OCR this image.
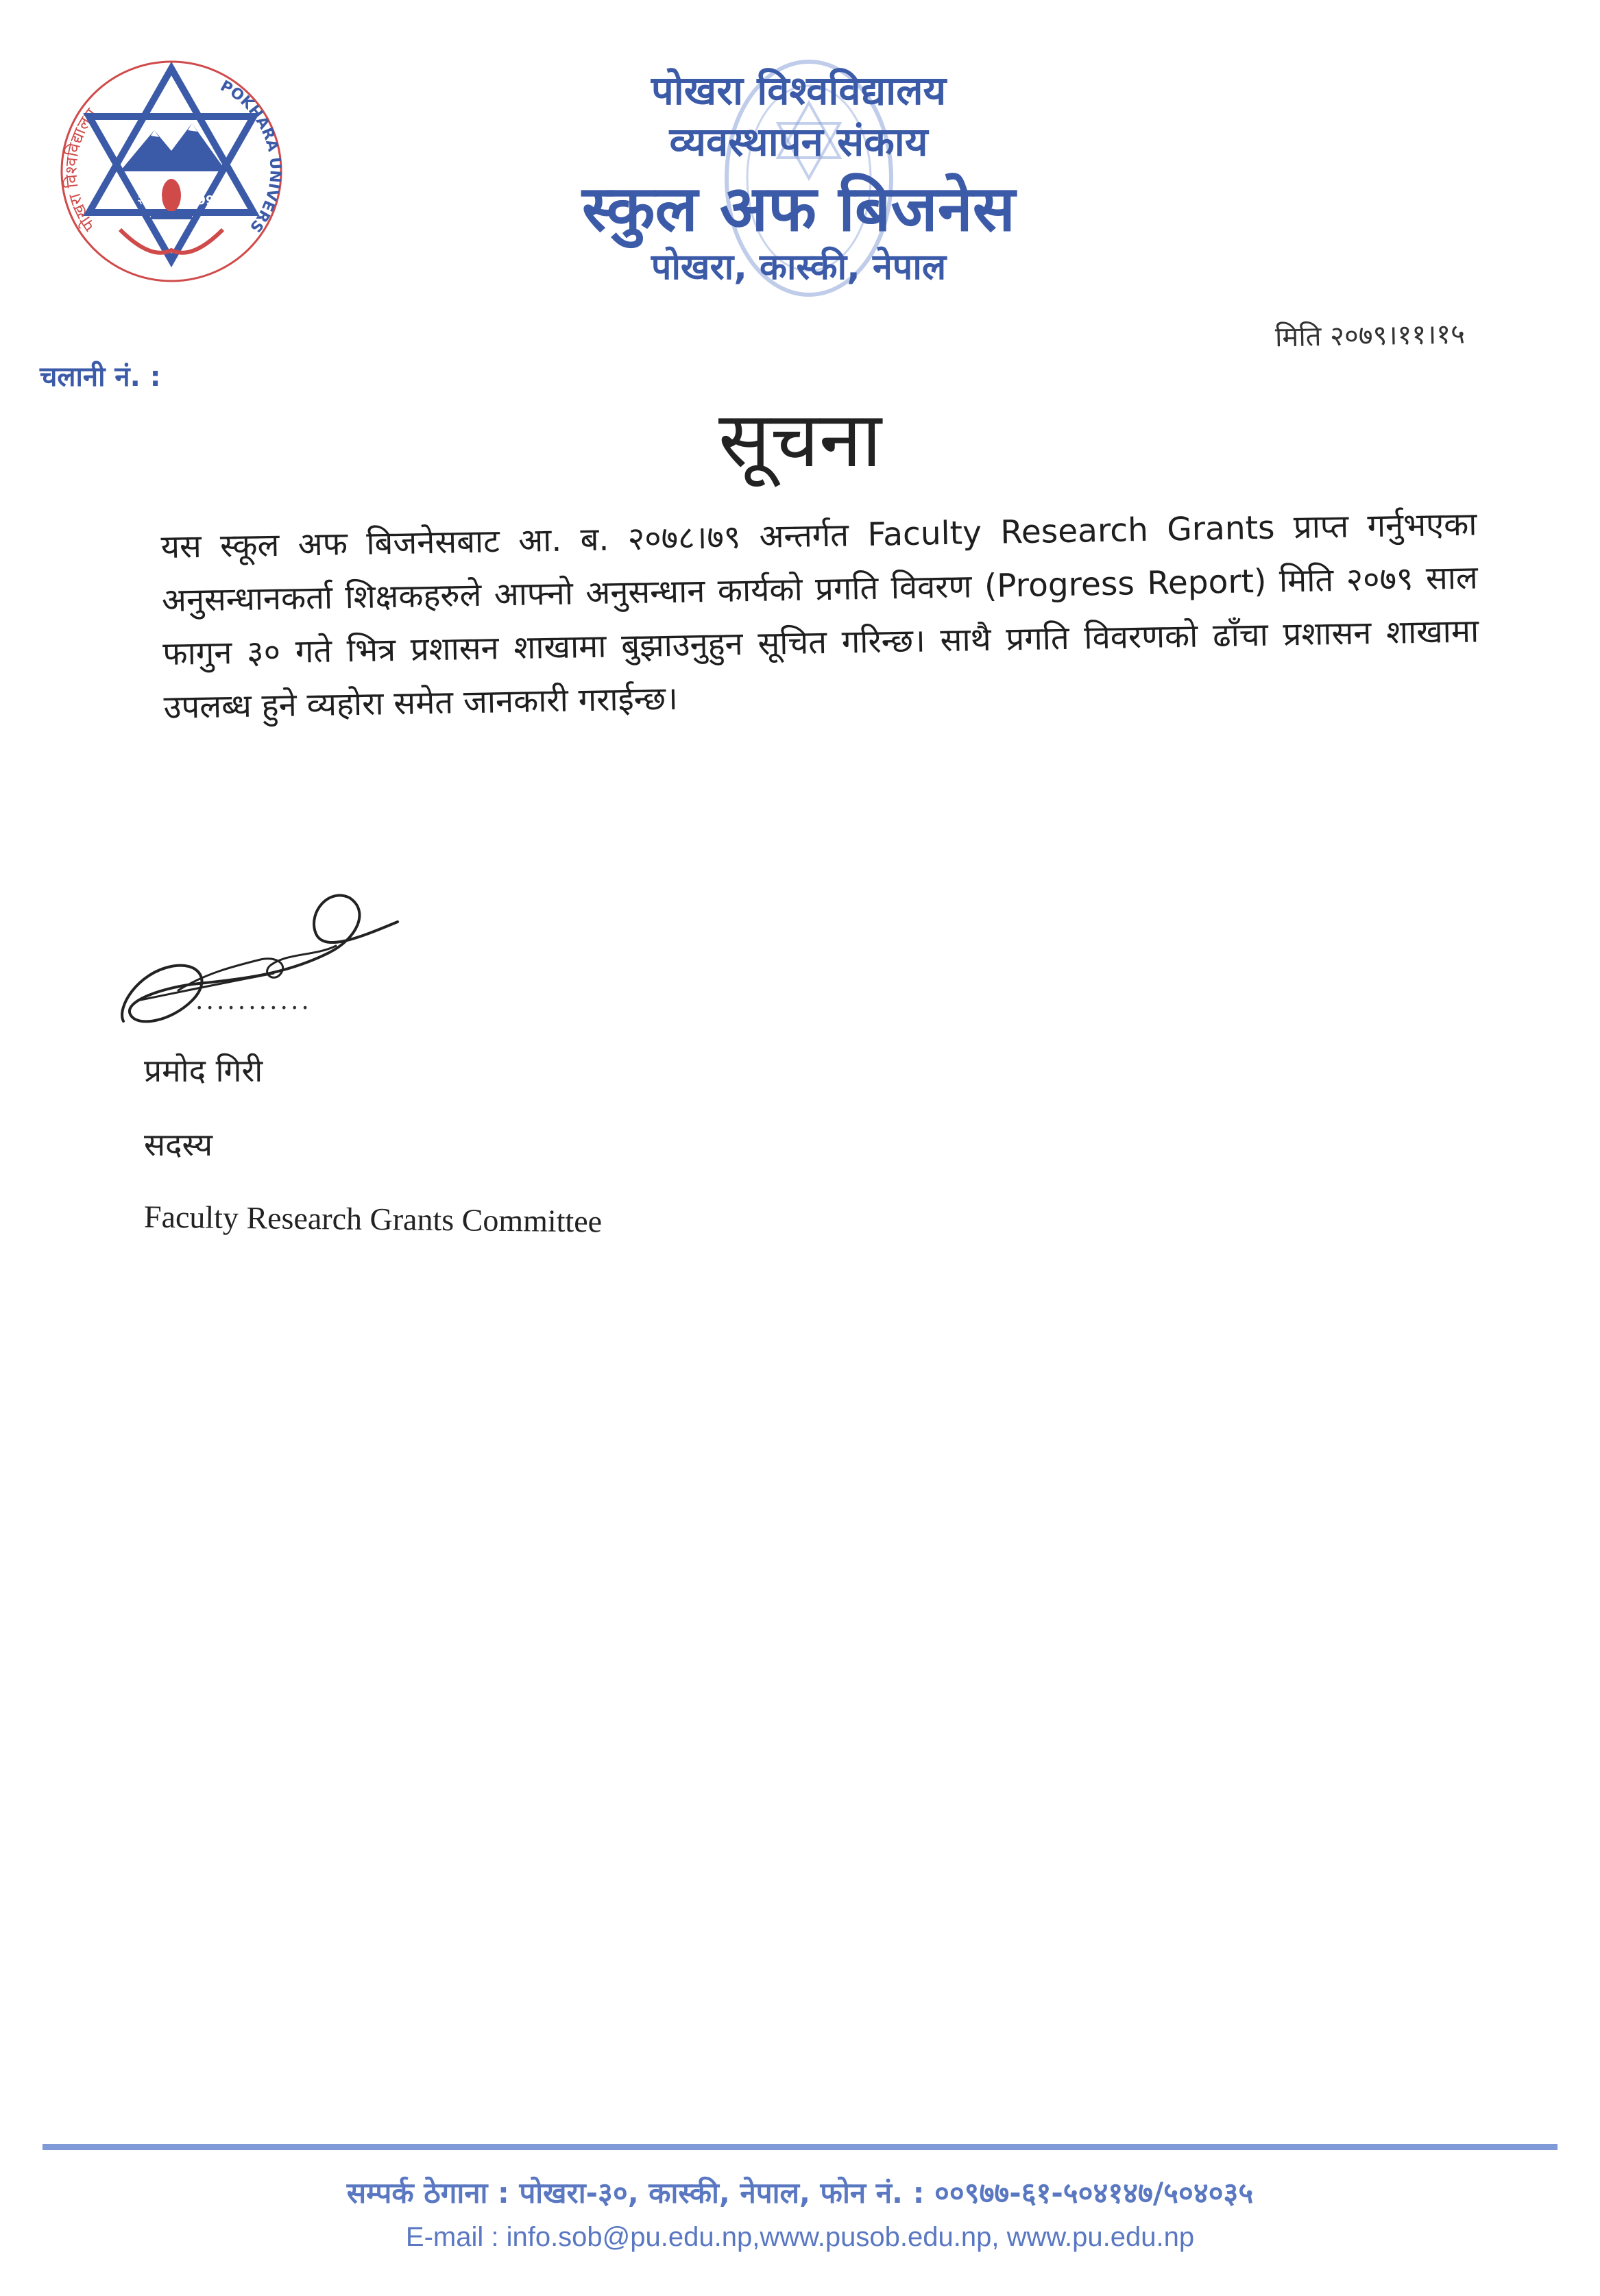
पोखरा विश्वविद्यालय
POKHARA UNIVERS
२०४४ 1997
पोखरा विश्वविद्यालय
व्यवस्थापन संकाय
स्कुल अफ बिजनेस
पोखरा, कास्की, नेपाल
मिति २०७९।११।१५
चलानी नं. :
सूचना
यस स्कूल अफ बिजनेसबाट आ. ब. २०७८।७९ अन्तर्गत Faculty Research Grants प्राप्त गर्नुभएका अनुसन्धानकर्ता शिक्षकहरुले आफ्नो अनुसन्धान कार्यको प्रगति विवरण (Progress Report) मिति २०७९ साल फागुन ३० गते भित्र प्रशासन शाखामा बुझाउनुहुन सूचित गरिन्छ। साथै प्रगति विवरणको ढाँचा प्रशासन शाखामा उपलब्ध हुने व्यहोरा समेत जानकारी गराईन्छ।
...........
प्रमोद गिरी
सदस्य
Faculty Research Grants Committee
सम्पर्क ठेगाना : पोखरा-३०, कास्की, नेपाल, फोन नं. : ००९७७-६१-५०४१४७/५०४०३५
E-mail : info.sob@pu.edu.np,www.pusob.edu.np, www.pu.edu.np
